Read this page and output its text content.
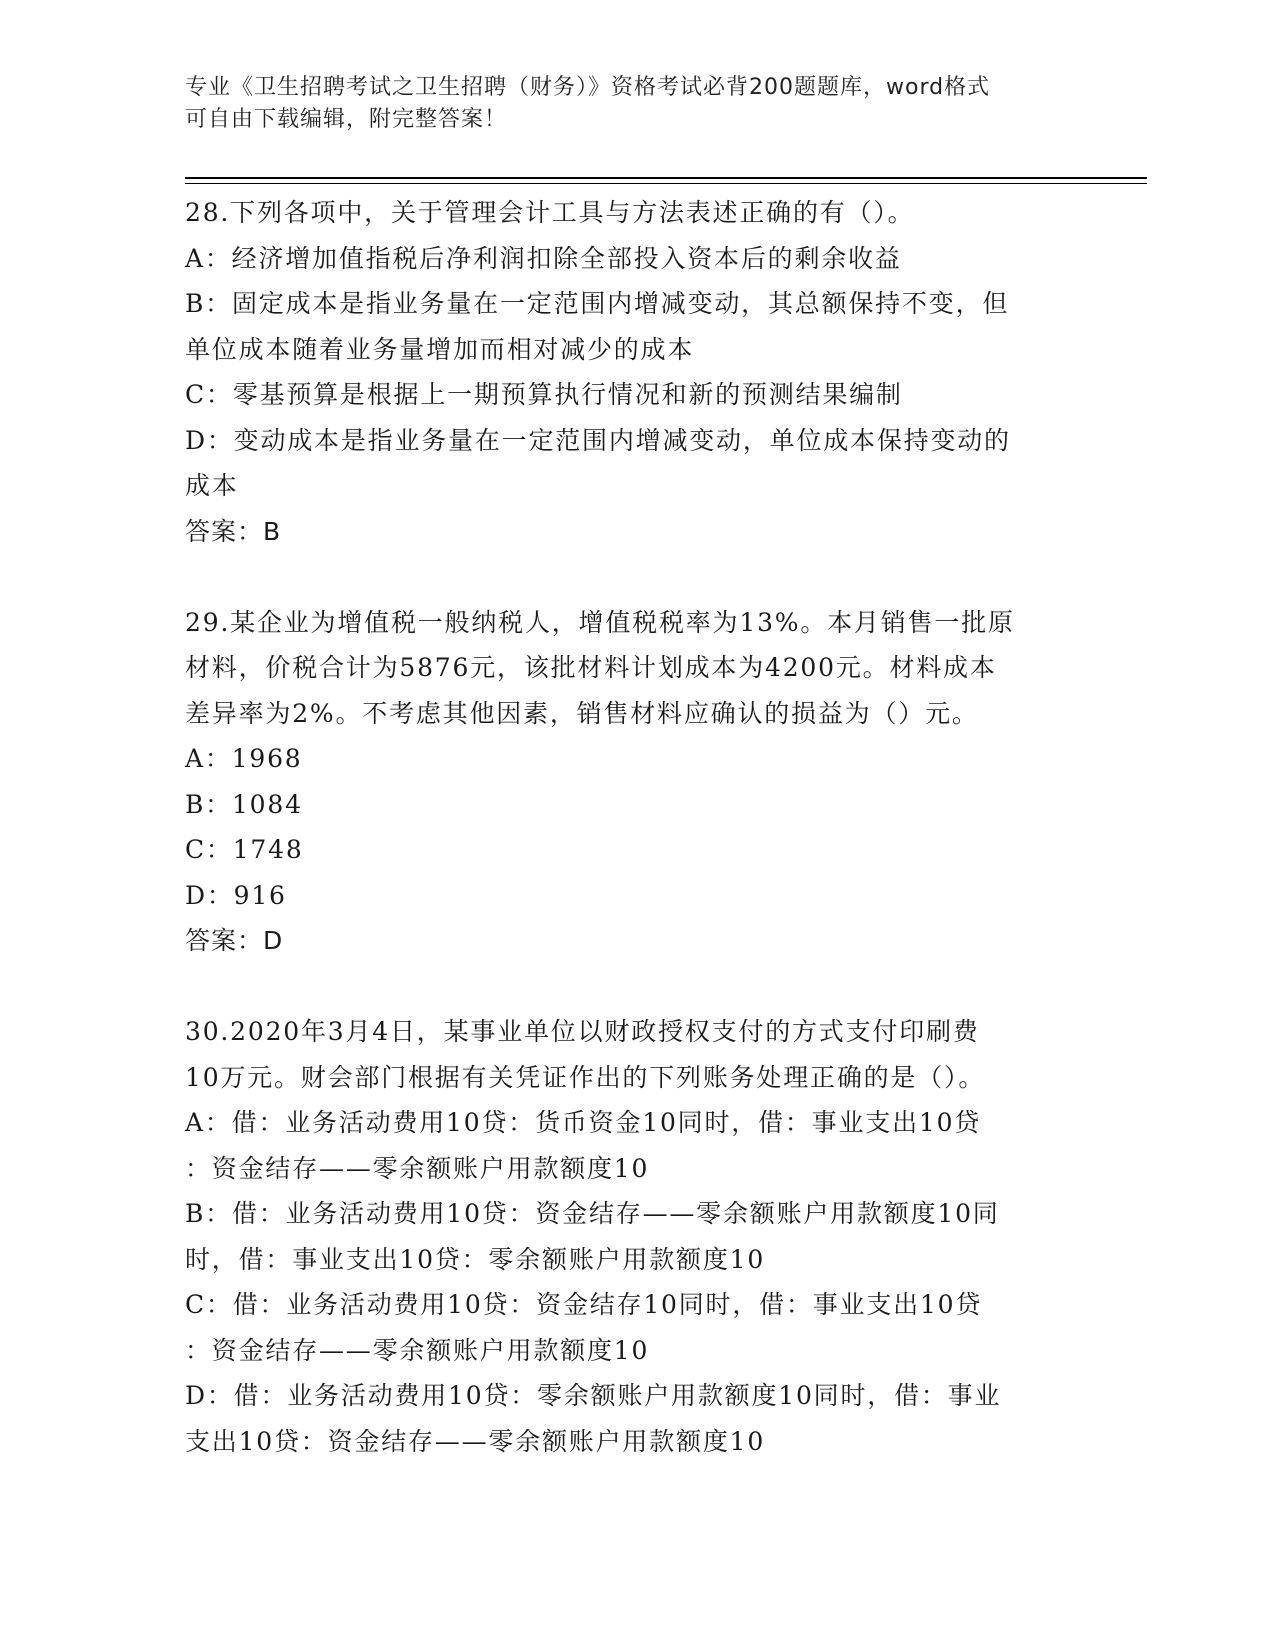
专业《卫生招聘考试之卫生招聘（财务）》资格考试必背200题题库，word格式
可自由下载编辑，附完整答案！
28.下列各项中，关于管理会计工具与方法表述正确的有（）。
A：经济增加值指税后净利润扣除全部投入资本后的剩余收益
B：固定成本是指业务量在一定范围内增减变动，其总额保持不变，但
单位成本随着业务量增加而相对减少的成本
C：零基预算是根据上一期预算执行情况和新的预测结果编制
D：变动成本是指业务量在一定范围内增减变动，单位成本保持变动的
成本
答案：B
29.某企业为增值税一般纳税人，增值税税率为13%。本月销售一批原
材料，价税合计为5876元，该批材料计划成本为4200元。材料成本
差异率为2%。不考虑其他因素，销售材料应确认的损益为（）元。
A：1968
B：1084
C：1748
D：916
答案：D
30.2020年3月4日，某事业单位以财政授权支付的方式支付印刷费
10万元。财会部门根据有关凭证作出的下列账务处理正确的是（）。
A：借：业务活动费用10贷：货币资金10同时，借：事业支出10贷
：资金结存——零余额账户用款额度10
B：借：业务活动费用10贷：资金结存——零余额账户用款额度10同
时，借：事业支出10贷：零余额账户用款额度10
C：借：业务活动费用10贷：资金结存10同时，借：事业支出10贷
：资金结存——零余额账户用款额度10
D：借：业务活动费用10贷：零余额账户用款额度10同时，借：事业
支出10贷：资金结存——零余额账户用款额度10
